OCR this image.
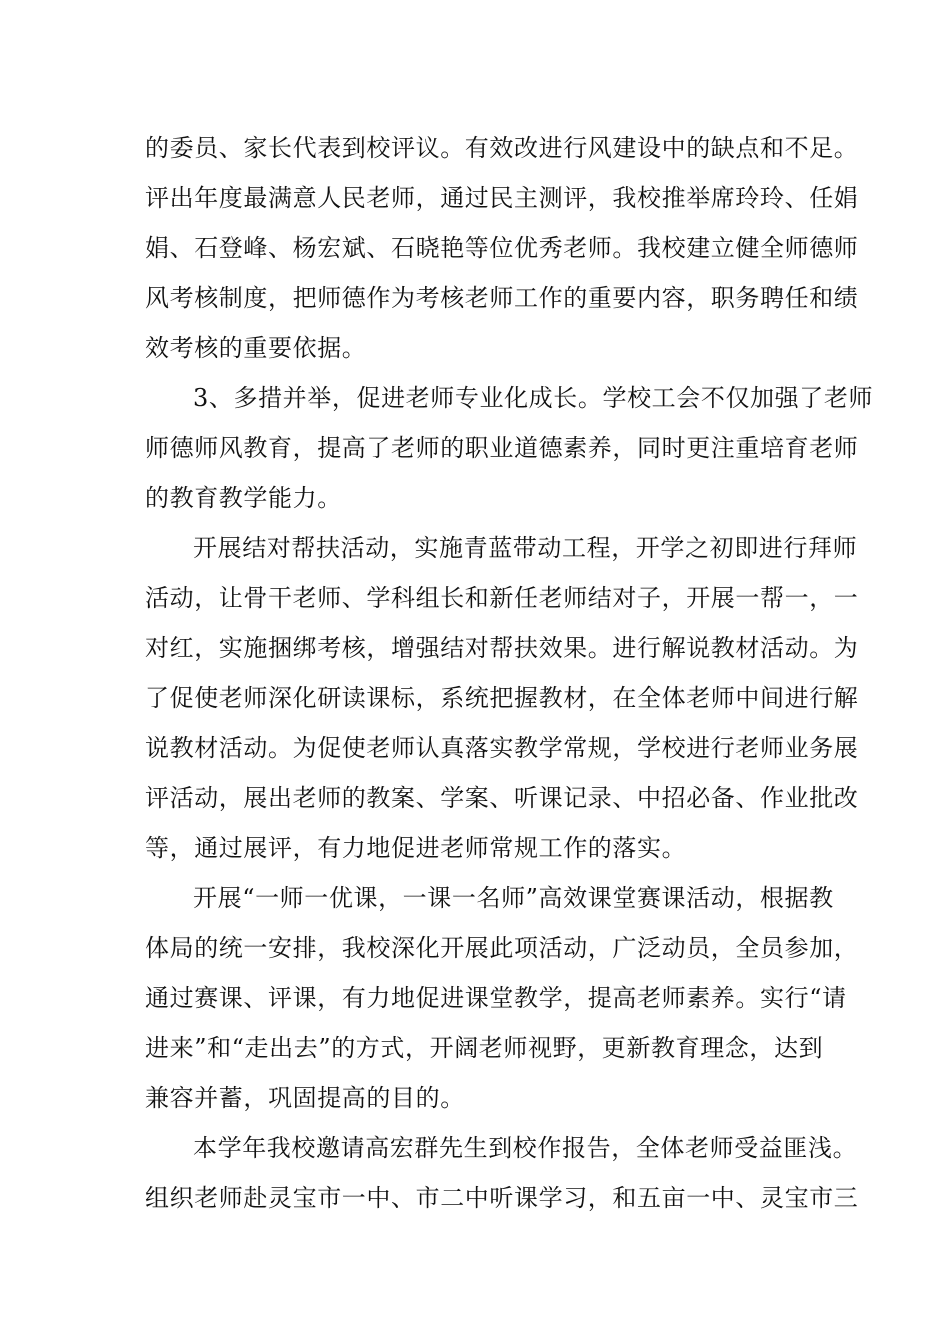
的委员、家长代表到校评议。有效改进行风建设中的缺点和不足。
评出年度最满意人民老师，通过民主测评，我校推举席玲玲、任娟
娟、石登峰、杨宏斌、石晓艳等位优秀老师。我校建立健全师德师
风考核制度，把师德作为考核老师工作的重要内容，职务聘任和绩
效考核的重要依据。
3、多措并举，促进老师专业化成长。学校工会不仅加强了老师
师德师风教育，提高了老师的职业道德素养，同时更注重培育老师
的教育教学能力。
开展结对帮扶活动，实施青蓝带动工程，开学之初即进行拜师
活动，让骨干老师、学科组长和新任老师结对子，开展一帮一，一
对红，实施捆绑考核，增强结对帮扶效果。进行解说教材活动。为
了促使老师深化研读课标，系统把握教材，在全体老师中间进行解
说教材活动。为促使老师认真落实教学常规，学校进行老师业务展
评活动，展出老师的教案、学案、听课记录、中招必备、作业批改
等，通过展评，有力地促进老师常规工作的落实。
开展“一师一优课，一课一名师”高效课堂赛课活动，根据教
体局的统一安排，我校深化开展此项活动，广泛动员，全员参加，
通过赛课、评课，有力地促进课堂教学，提高老师素养。实行“请
进来”和“走出去”的方式，开阔老师视野，更新教育理念，达到
兼容并蓄，巩固提高的目的。
本学年我校邀请高宏群先生到校作报告，全体老师受益匪浅。
组织老师赴灵宝市一中、市二中听课学习，和五亩一中、灵宝市三
